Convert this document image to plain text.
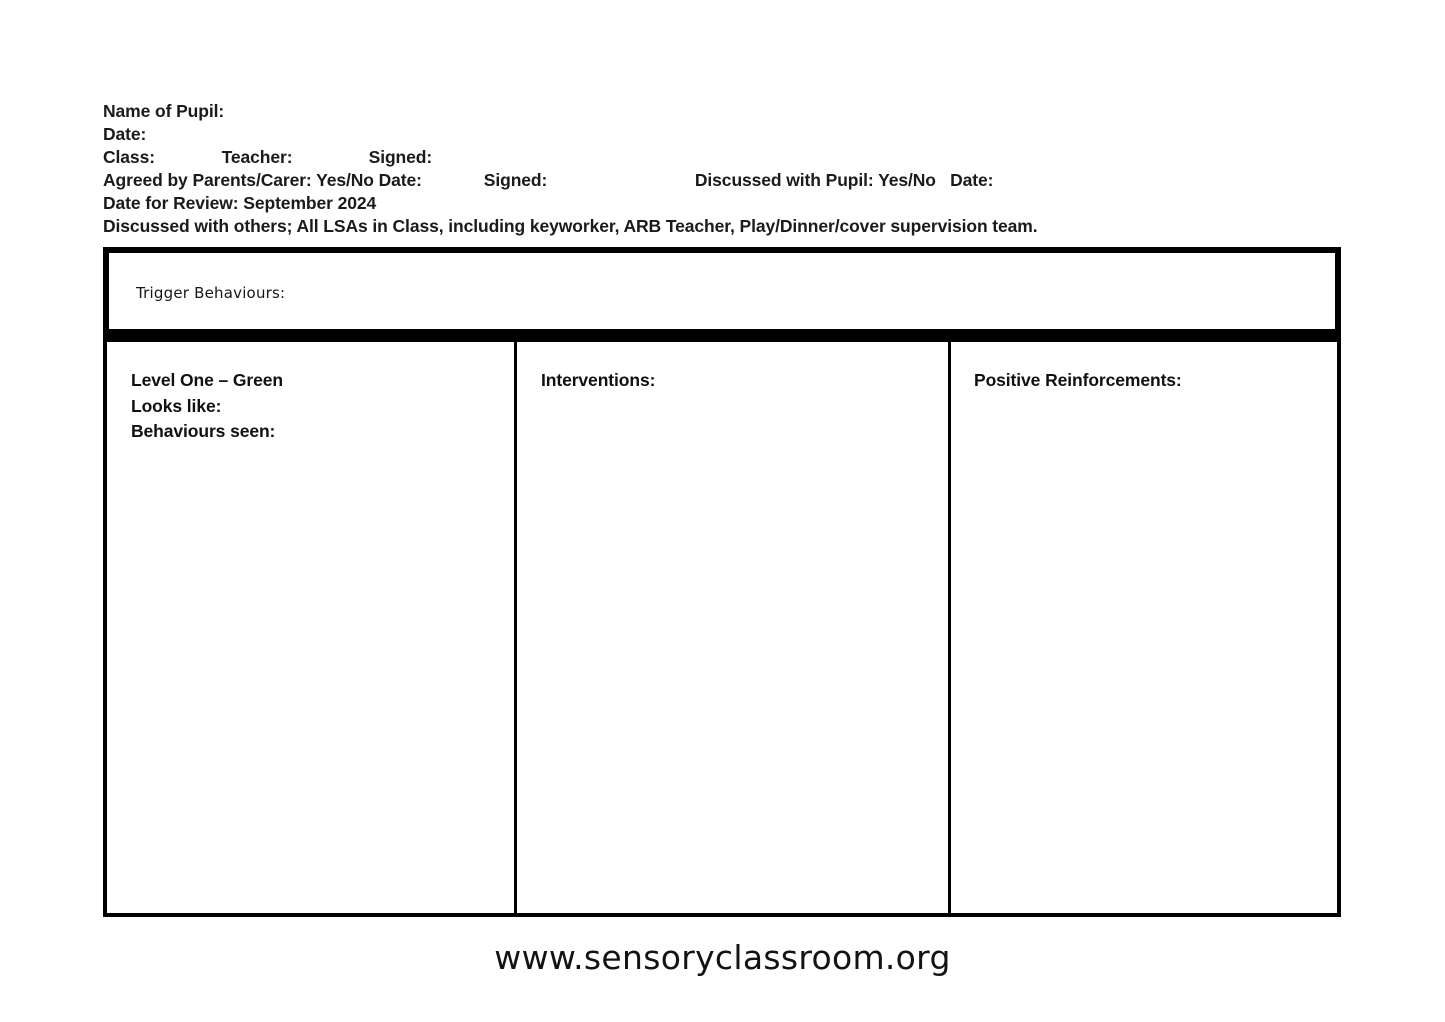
Name of Pupil:
Date:
Class:              Teacher:                Signed:
Agreed by Parents/Carer: Yes/No Date:             Signed:                               Discussed with Pupil: Yes/No   Date:
Date for Review: September 2024
Discussed with others; All LSAs in Class, including keyworker, ARB Teacher, Play/Dinner/cover supervision team.
Trigger Behaviours:
Level One – Green
Looks like:
Behaviours seen:
Interventions:	Positive Reinforcements:
www.sensoryclassroom.org
